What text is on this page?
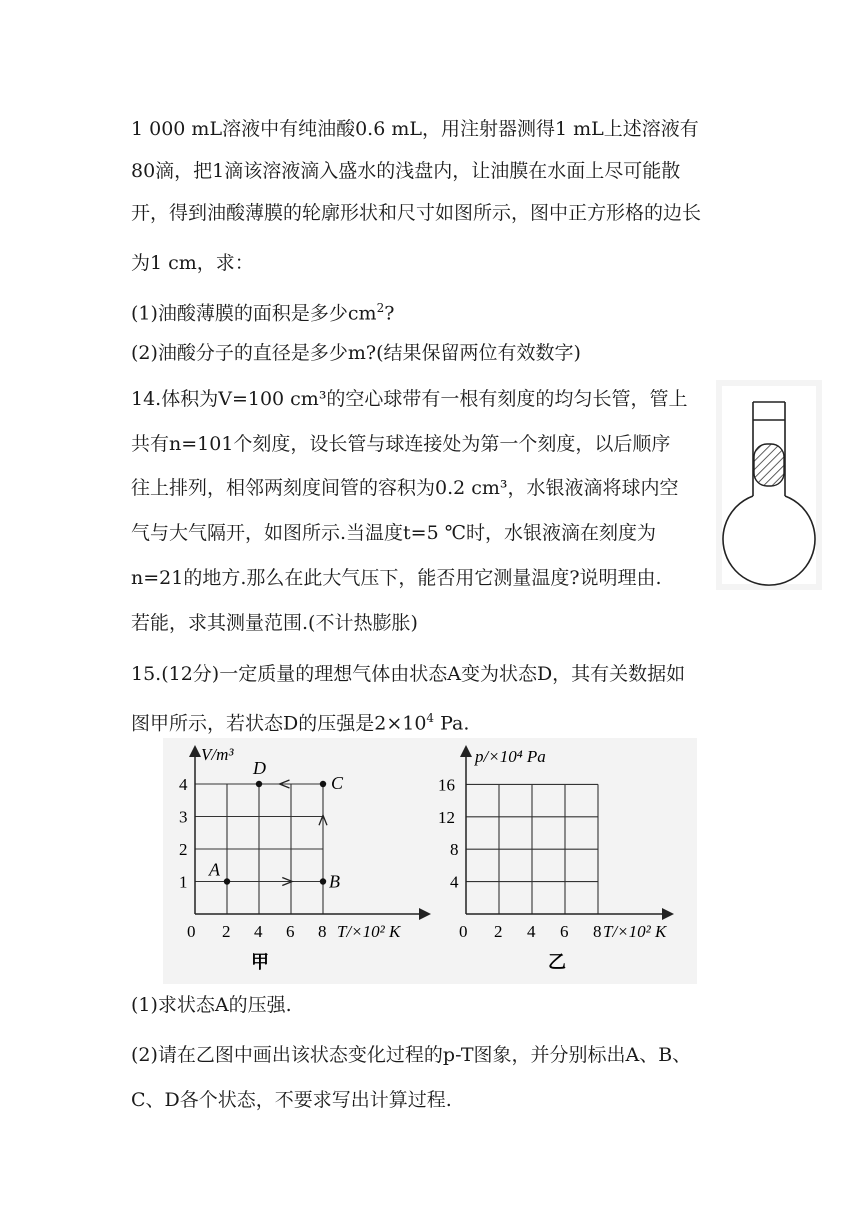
1 000 mL溶液中有纯油酸0.6 mL，用注射器测得1 mL上述溶液有
80滴，把1滴该溶液滴入盛水的浅盘内，让油膜在水面上尽可能散
开，得到油酸薄膜的轮廓形状和尺寸如图所示，图中正方形格的边长
为1 cm，求：
(1)油酸薄膜的面积是多少$cm^2$?
(2)油酸分子的直径是多少m?(结果保留两位有效数字)
14.体积为V=100 cm³的空心球带有一根有刻度的均匀长管，管上
共有n=101个刻度，设长管与球连接处为第一个刻度，以后顺序
往上排列，相邻两刻度间管的容积为0.2 cm³，水银液滴将球内空
气与大气隔开，如图所示.当温度t=5 ℃时，水银液滴在刻度为
n=21的地方.那么在此大气压下，能否用它测量温度?说明理由.
若能，求其测量范围.(不计热膨胀)
15.(12分)一定质量的理想气体由状态A变为状态D，其有关数据如
图甲所示，若状态D的压强是$2\times 10^4$ Pa.
A
B
C
D
V/m³
T/×10² K
0 2 4 6 8
1
2
3
4
甲
p/×10⁴ Pa
T/×10² K
0 2 4 6 8
4
8
12
16
乙
(1)求状态A的压强.
(2)请在乙图中画出该状态变化过程的p-T图象，并分别标出A、B、
C、D各个状态，不要求写出计算过程.
